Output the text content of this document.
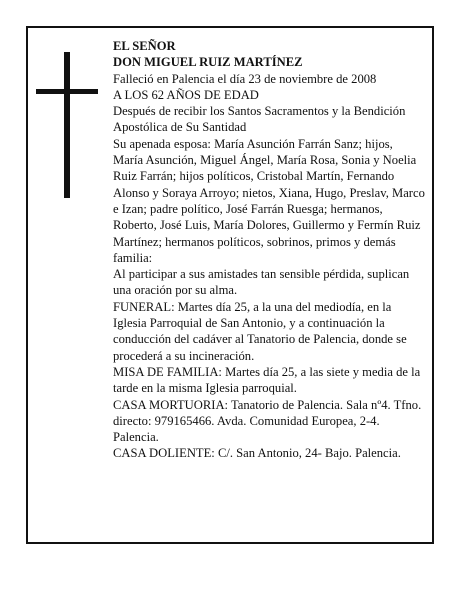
EL SEÑOR

DON MIGUEL RUIZ MARTÍNEZ

Falleció en Palencia el día 23 de noviembre de 2008

A LOS 62 AÑOS DE EDAD

Después de recibir los Santos Sacramentos y la Bendición Apostólica de Su Santidad

Su apenada esposa: María Asunción Farrán Sanz; hijos, María Asunción, Miguel Ángel, María Rosa, Sonia y Noelia Ruiz Farrán; hijos políticos, Cristobal Martín, Fernando Alonso y Soraya Arroyo; nietos, Xiana, Hugo, Preslav, Marco e Izan; padre político, José Farrán Ruesga; hermanos, Roberto, José Luis, María Dolores, Guillermo y Fermín Ruiz Martínez; hermanos políticos, sobrinos, primos y demás familia:

Al participar a sus amistades tan sensible pérdida, suplican una oración por su alma.

FUNERAL: Martes día 25, a la una del mediodía, en la Iglesia Parroquial de San Antonio, y a continuación la conducción del cadáver al Tanatorio de Palencia, donde se procederá a su incineración.

MISA DE FAMILIA: Martes día 25, a las siete y media de la tarde en la misma Iglesia parroquial.

CASA MORTUORIA: Tanatorio de Palencia. Sala nº4. Tfno. directo: 979165466. Avda. Comunidad Europea, 2-4. Palencia.

CASA DOLIENTE: C/. San Antonio, 24- Bajo. Palencia.
